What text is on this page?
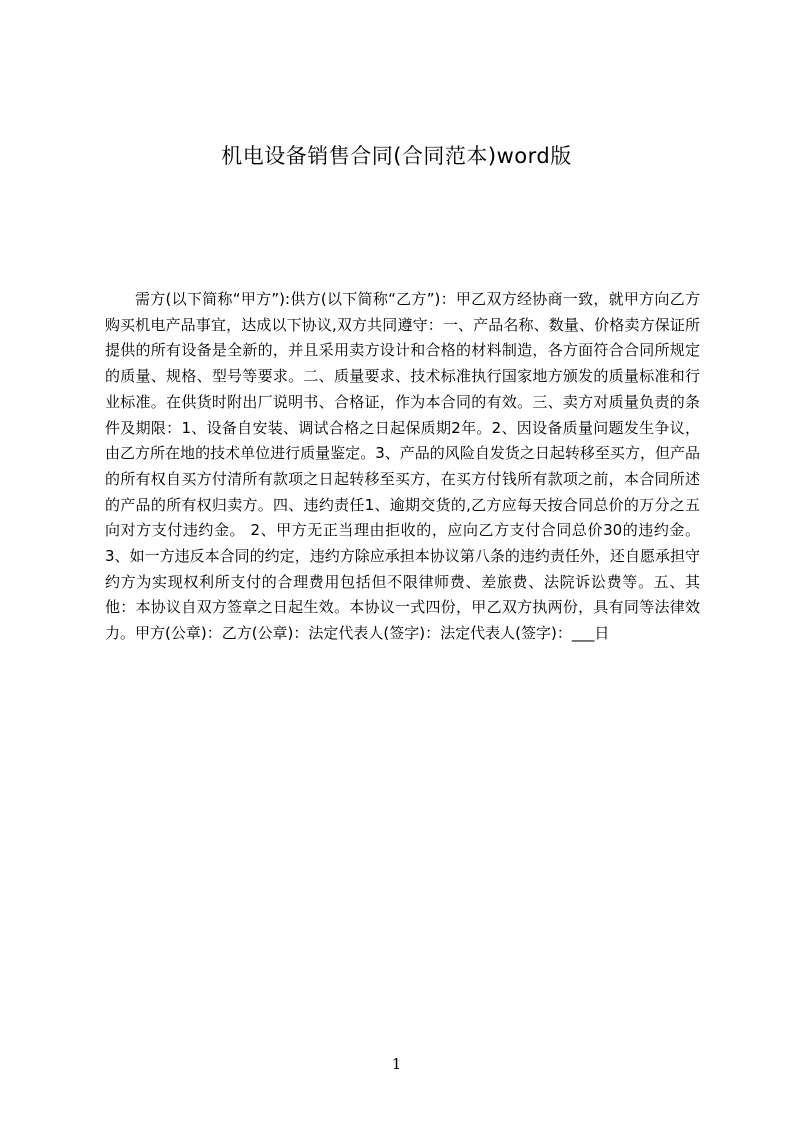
机电设备销售合同(合同范本)word版

需方(以下简称“甲方”):供方(以下简称“乙方”)：甲乙双方经协商一致，就甲方向乙方购买机电产品事宜，达成以下协议,双方共同遵守：一、产品名称、数量、价格卖方保证所提供的所有设备是全新的，并且采用卖方设计和合格的材料制造，各方面符合合同所规定的质量、规格、型号等要求。二、质量要求、技术标准执行国家地方颁发的质量标准和行业标准。在供货时附出厂说明书、合格证，作为本合同的有效。三、卖方对质量负责的条件及期限：1、设备自安装、调试合格之日起保质期2年。2、因设备质量问题发生争议，由乙方所在地的技术单位进行质量鉴定。3、产品的风险自发货之日起转移至买方，但产品的所有权自买方付清所有款项之日起转移至买方，在买方付钱所有款项之前，本合同所述的产品的所有权归卖方。四、违约责任1、逾期交货的,乙方应每天按合同总价的万分之五向对方支付违约金。 2、甲方无正当理由拒收的，应向乙方支付合同总价30的违约金。3、如一方违反本合同的约定，违约方除应承担本协议第八条的违约责任外，还自愿承担守约方为实现权利所支付的合理费用包括但不限律师费、差旅费、法院诉讼费等。五、其他：本协议自双方签章之日起生效。本协议一式四份，甲乙双方执两份，具有同等法律效力。甲方(公章)：乙方(公章)：法定代表人(签字)：法定代表人(签字)：___日

1
